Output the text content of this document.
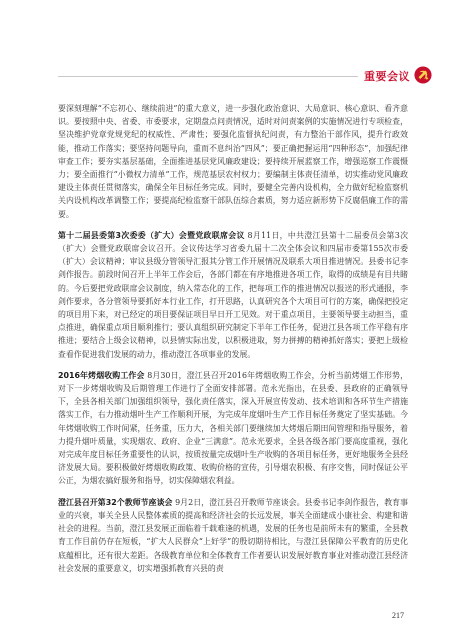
重要会议

要深刻理解“不忘初心、继续前进”的重大意义，进一步强化政治意识、大局意识、核心意识、看齐意识。要按照中央、省委、市委要求，定期盘点问责情况，适时对问责案例的实施情况进行专项检查，坚决维护党章党规党纪的权威性、严肃性；要强化监督执纪问责，有力整治干部作风，提升行政效能，推动工作落实；要坚持问题导向，重而不息纠治“四风”；要正确把握运用“四种形态”，加强纪律审查工作；要夯实基层基础，全面推进基层党风廉政建设；要持续开展蓝察工作，增强巡察工作震慑力；要全面推行“小微权力清单”工作，规范基层农村权力；要编制主体责任清单，切实推动党风廉政建设主体责任贯彻落实，确保全年目标任务完成。同时，要健全完善内设机构，全力做好纪检监察机关内设机构改革调整工作；要提高纪检监察干部队伍综合素质，努力适应新形势下反腐倡廉工作的需要。

第十二届县委第3次委委（扩大）会暨党政联席会议 8月11日，中共澄江县第十二届委员会第3次（扩大）会暨党政联席会议召开。会议传达学习省委九届十二次全体会议和四届市委第155次市委（扩大）会议精神；审议县级分管领导汇报其分管工作开展情况及联系大项目推进情况。县委书记李剑作报告。前段时间召开上半年工作会后，各部门都在有序地推进各项工作，取得的成绩是有目共睹的。今后要把党政联席会议制度，纳入常态化的工作，把每项工作的推进情况以报送的形式通报，李剑作要求，各分管领导要抓好本行业工作，打开思路，认真研究各个大项目可行的方案，确保把投定的项目用下来，对已经定的项目要保证项目早日开工见效。对于重点项目，主要领导要主动担当，重点推进，确保重点项目顺利推行；要认真组织研究制定下半年工作任务，促进江县各项工作平稳有序推进；要结合上级会议精神，以县情实际出发，以积极进取，努力拼搏的精神抓好落实；要把上级检查看作促进我们发展的动力，推动澄江各项事业的发展。

2016年烤烟收购工作会 8月30日，澄江县召开2016年烤烟收购工作会，分析当前烤烟工作形势，对下一步烤烟收购及后期管理工作进行了全面安排部署。范永光指出，在县委、县政府的正确领导下，全县各相关部门加强组织领导，强化责任落实，深入开展宣传发动、技术培训和各环节生产措施落实工作，右力推动烟叶生产工作顺利开展，为完成年度烟叶生产工作目标任务奠定了坚实基础。今年烤烟收购工作时间紧，任务重，压力大，各相关部门要继续加大烤烟后期田间管理和指导服务，着力提升烟叶质量，实现烟农、政府、企业“三满意”。范永光要求，全县各级各部门要高度重视，强化对完成年度目标任务重要性的认识，按质按量完成烟叶生产收购的各项目标任务，更好地服务全县经济发展大局。要积极做好烤烟收购政策、收购价格的宣传，引导烟农积极、有序交售，同时保证公平公正，为烟农搞好服务和指导，切实保障烟农利益。

澄江县召开第32个教师节座谈会 9月2日，澄江县召开教师节座谈会。县委书记李剑作报告，教育事业的兴衰，事关全县人民整体素质的提高和经济社会的长远发展，事关全面建成小康社会、构建和谐社会的进程。当前，澄江县发展正面临着千载难逢的机遇，发展的任务也是前所未有的繁重，全县教育工作目前仍存在短板，“扩大人民群众“上好学”的殷切期待相比，与澄江县保障公平教育的历史化底蕴相比，还有很大差距。各级教育单位和全体教育工作者要认识发展好教育事业对推动澄江县经济社会发展的重要意义，切实增强抓教育兴县的责

217
